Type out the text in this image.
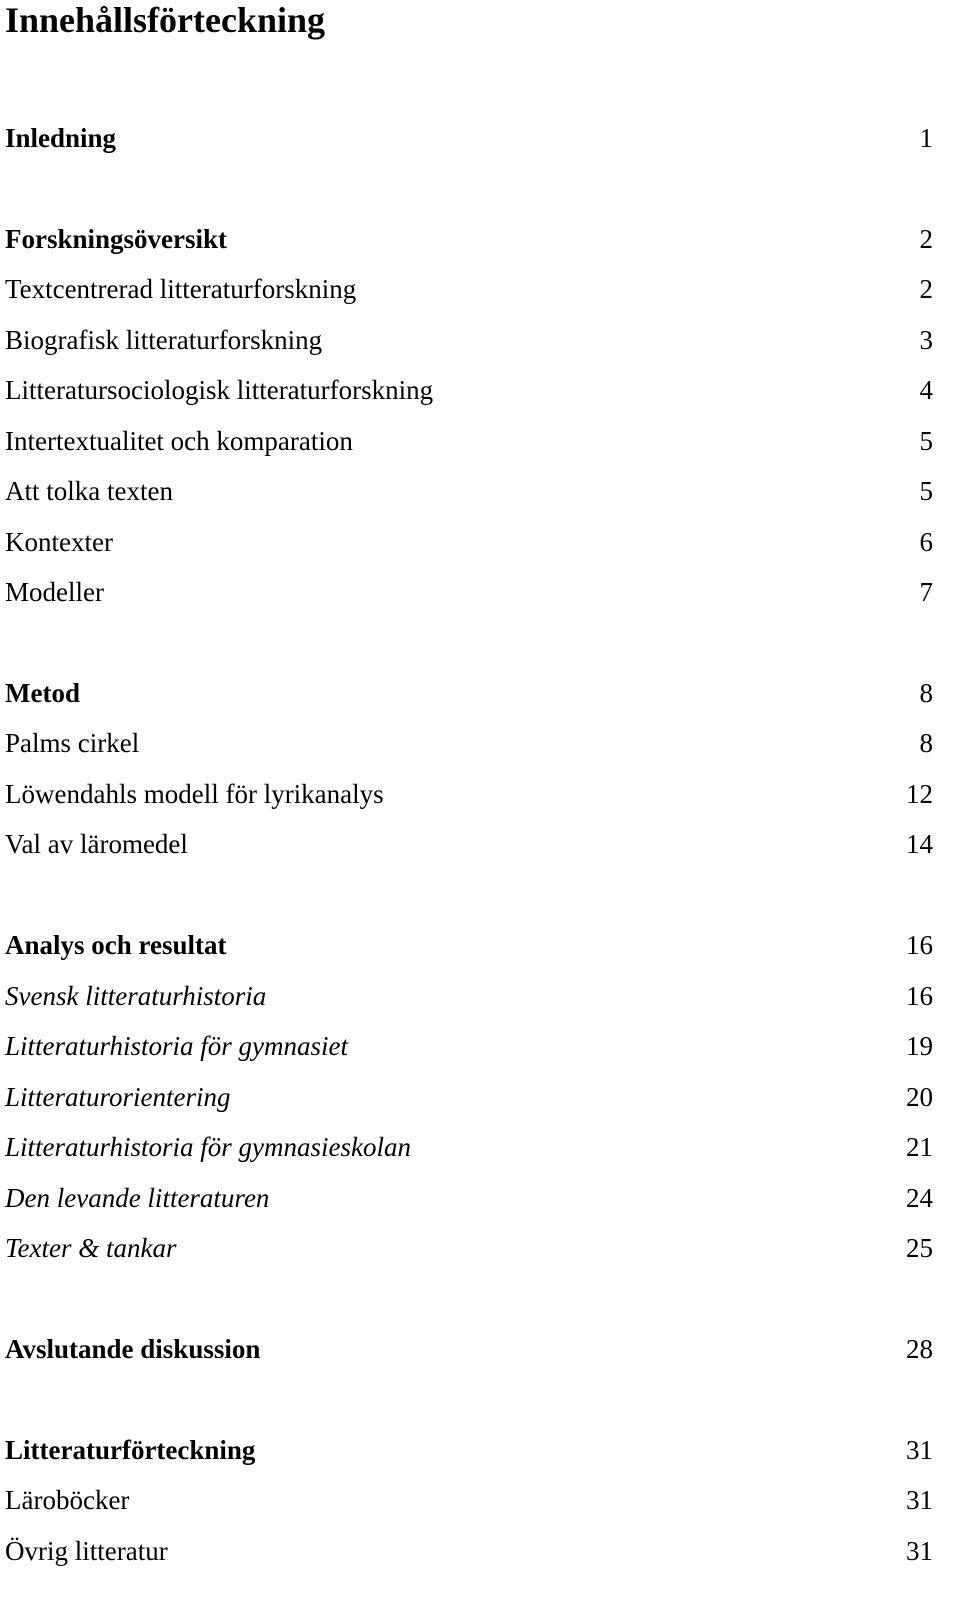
Innehållsförteckning
Inledning	1
Forskningsöversikt	2
Textcentrerad litteraturforskning	2
Biografisk litteraturforskning	3
Litteratursociologisk litteraturforskning	4
Intertextualitet och komparation	5
Att tolka texten	5
Kontexter	6
Modeller	7
Metod	8
Palms cirkel	8
Löwendahls modell för lyrikanalys	12
Val av läromedel	14
Analys och resultat	16
Svensk litteraturhistoria	16
Litteraturhistoria för gymnasiet	19
Litteraturorientering	20
Litteraturhistoria för gymnasieskolan	21
Den levande litteraturen	24
Texter & tankar	25
Avslutande diskussion	28
Litteraturförteckning	31
Läroböcker	31
Övrig litteratur	31
